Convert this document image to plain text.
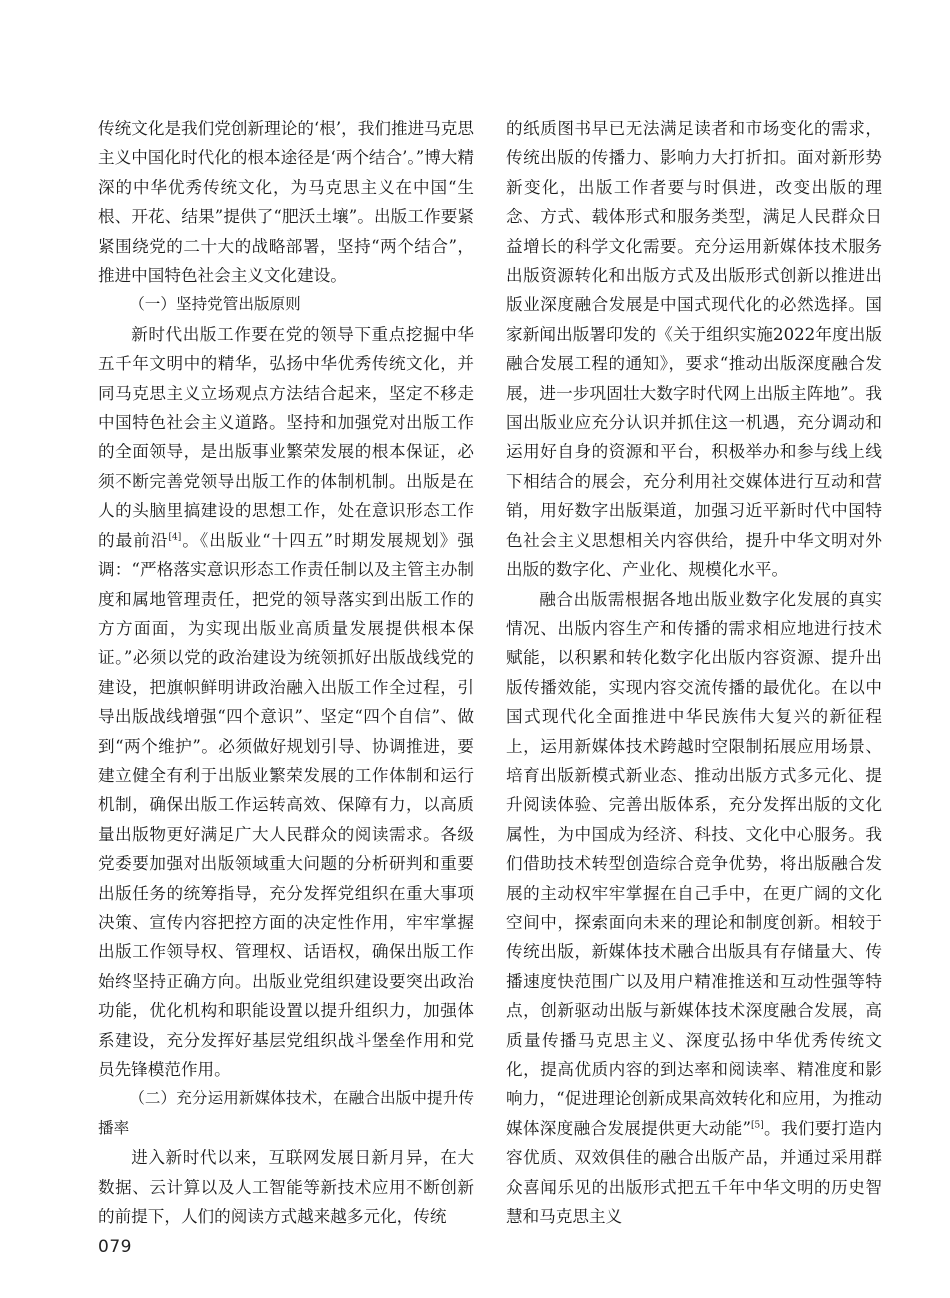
传统文化是我们党创新理论的‘根’，我们推进马克思主义中国化时代化的根本途径是‘两个结合’。”博大精深的中华优秀传统文化，为马克思主义在中国“生根、开花、结果”提供了“肥沃土壤”。出版工作要紧紧围绕党的二十大的战略部署，坚持“两个结合”，推进中国特色社会主义文化建设。

（一）坚持党管出版原则

新时代出版工作要在党的领导下重点挖掘中华五千年文明中的精华，弘扬中华优秀传统文化，并同马克思主义立场观点方法结合起来，坚定不移走中国特色社会主义道路。坚持和加强党对出版工作的全面领导，是出版事业繁荣发展的根本保证，必须不断完善党领导出版工作的体制机制。出版是在人的头脑里搞建设的思想工作，处在意识形态工作的最前沿[4]。《出版业“十四五”时期发展规划》强调：“严格落实意识形态工作责任制以及主管主办制度和属地管理责任，把党的领导落实到出版工作的方方面面，为实现出版业高质量发展提供根本保证。”必须以党的政治建设为统领抓好出版战线党的建设，把旗帜鲜明讲政治融入出版工作全过程，引导出版战线增强“四个意识”、坚定“四个自信”、做到“两个维护”。必须做好规划引导、协调推进，要建立健全有利于出版业繁荣发展的工作体制和运行机制，确保出版工作运转高效、保障有力，以高质量出版物更好满足广大人民群众的阅读需求。各级党委要加强对出版领域重大问题的分析研判和重要出版任务的统筹指导，充分发挥党组织在重大事项决策、宣传内容把控方面的决定性作用，牢牢掌握出版工作领导权、管理权、话语权，确保出版工作始终坚持正确方向。出版业党组织建设要突出政治功能，优化机构和职能设置以提升组织力，加强体系建设，充分发挥好基层党组织战斗堡垒作用和党员先锋模范作用。

（二）充分运用新媒体技术，在融合出版中提升传播率

进入新时代以来，互联网发展日新月异，在大数据、云计算以及人工智能等新技术应用不断创新的前提下，人们的阅读方式越来越多元化，传统

的纸质图书早已无法满足读者和市场变化的需求，传统出版的传播力、影响力大打折扣。面对新形势新变化，出版工作者要与时俱进，改变出版的理念、方式、载体形式和服务类型，满足人民群众日益增长的科学文化需要。充分运用新媒体技术服务出版资源转化和出版方式及出版形式创新以推进出版业深度融合发展是中国式现代化的必然选择。国家新闻出版署印发的《关于组织实施2022年度出版融合发展工程的通知》，要求“推动出版深度融合发展，进一步巩固壮大数字时代网上出版主阵地”。我国出版业应充分认识并抓住这一机遇，充分调动和运用好自身的资源和平台，积极举办和参与线上线下相结合的展会，充分利用社交媒体进行互动和营销，用好数字出版渠道，加强习近平新时代中国特色社会主义思想相关内容供给，提升中华文明对外出版的数字化、产业化、规模化水平。

融合出版需根据各地出版业数字化发展的真实情况、出版内容生产和传播的需求相应地进行技术赋能，以积累和转化数字化出版内容资源、提升出版传播效能，实现内容交流传播的最优化。在以中国式现代化全面推进中华民族伟大复兴的新征程上，运用新媒体技术跨越时空限制拓展应用场景、培育出版新模式新业态、推动出版方式多元化、提升阅读体验、完善出版体系，充分发挥出版的文化属性，为中国成为经济、科技、文化中心服务。我们借助技术转型创造综合竞争优势，将出版融合发展的主动权牢牢掌握在自己手中，在更广阔的文化空间中，探索面向未来的理论和制度创新。相较于传统出版，新媒体技术融合出版具有存储量大、传播速度快范围广以及用户精准推送和互动性强等特点，创新驱动出版与新媒体技术深度融合发展，高质量传播马克思主义、深度弘扬中华优秀传统文化，提高优质内容的到达率和阅读率、精准度和影响力，“促进理论创新成果高效转化和应用，为推动媒体深度融合发展提供更大动能”[5]。我们要打造内容优质、双效俱佳的融合出版产品，并通过采用群众喜闻乐见的出版形式把五千年中华文明的历史智慧和马克思主义

079
